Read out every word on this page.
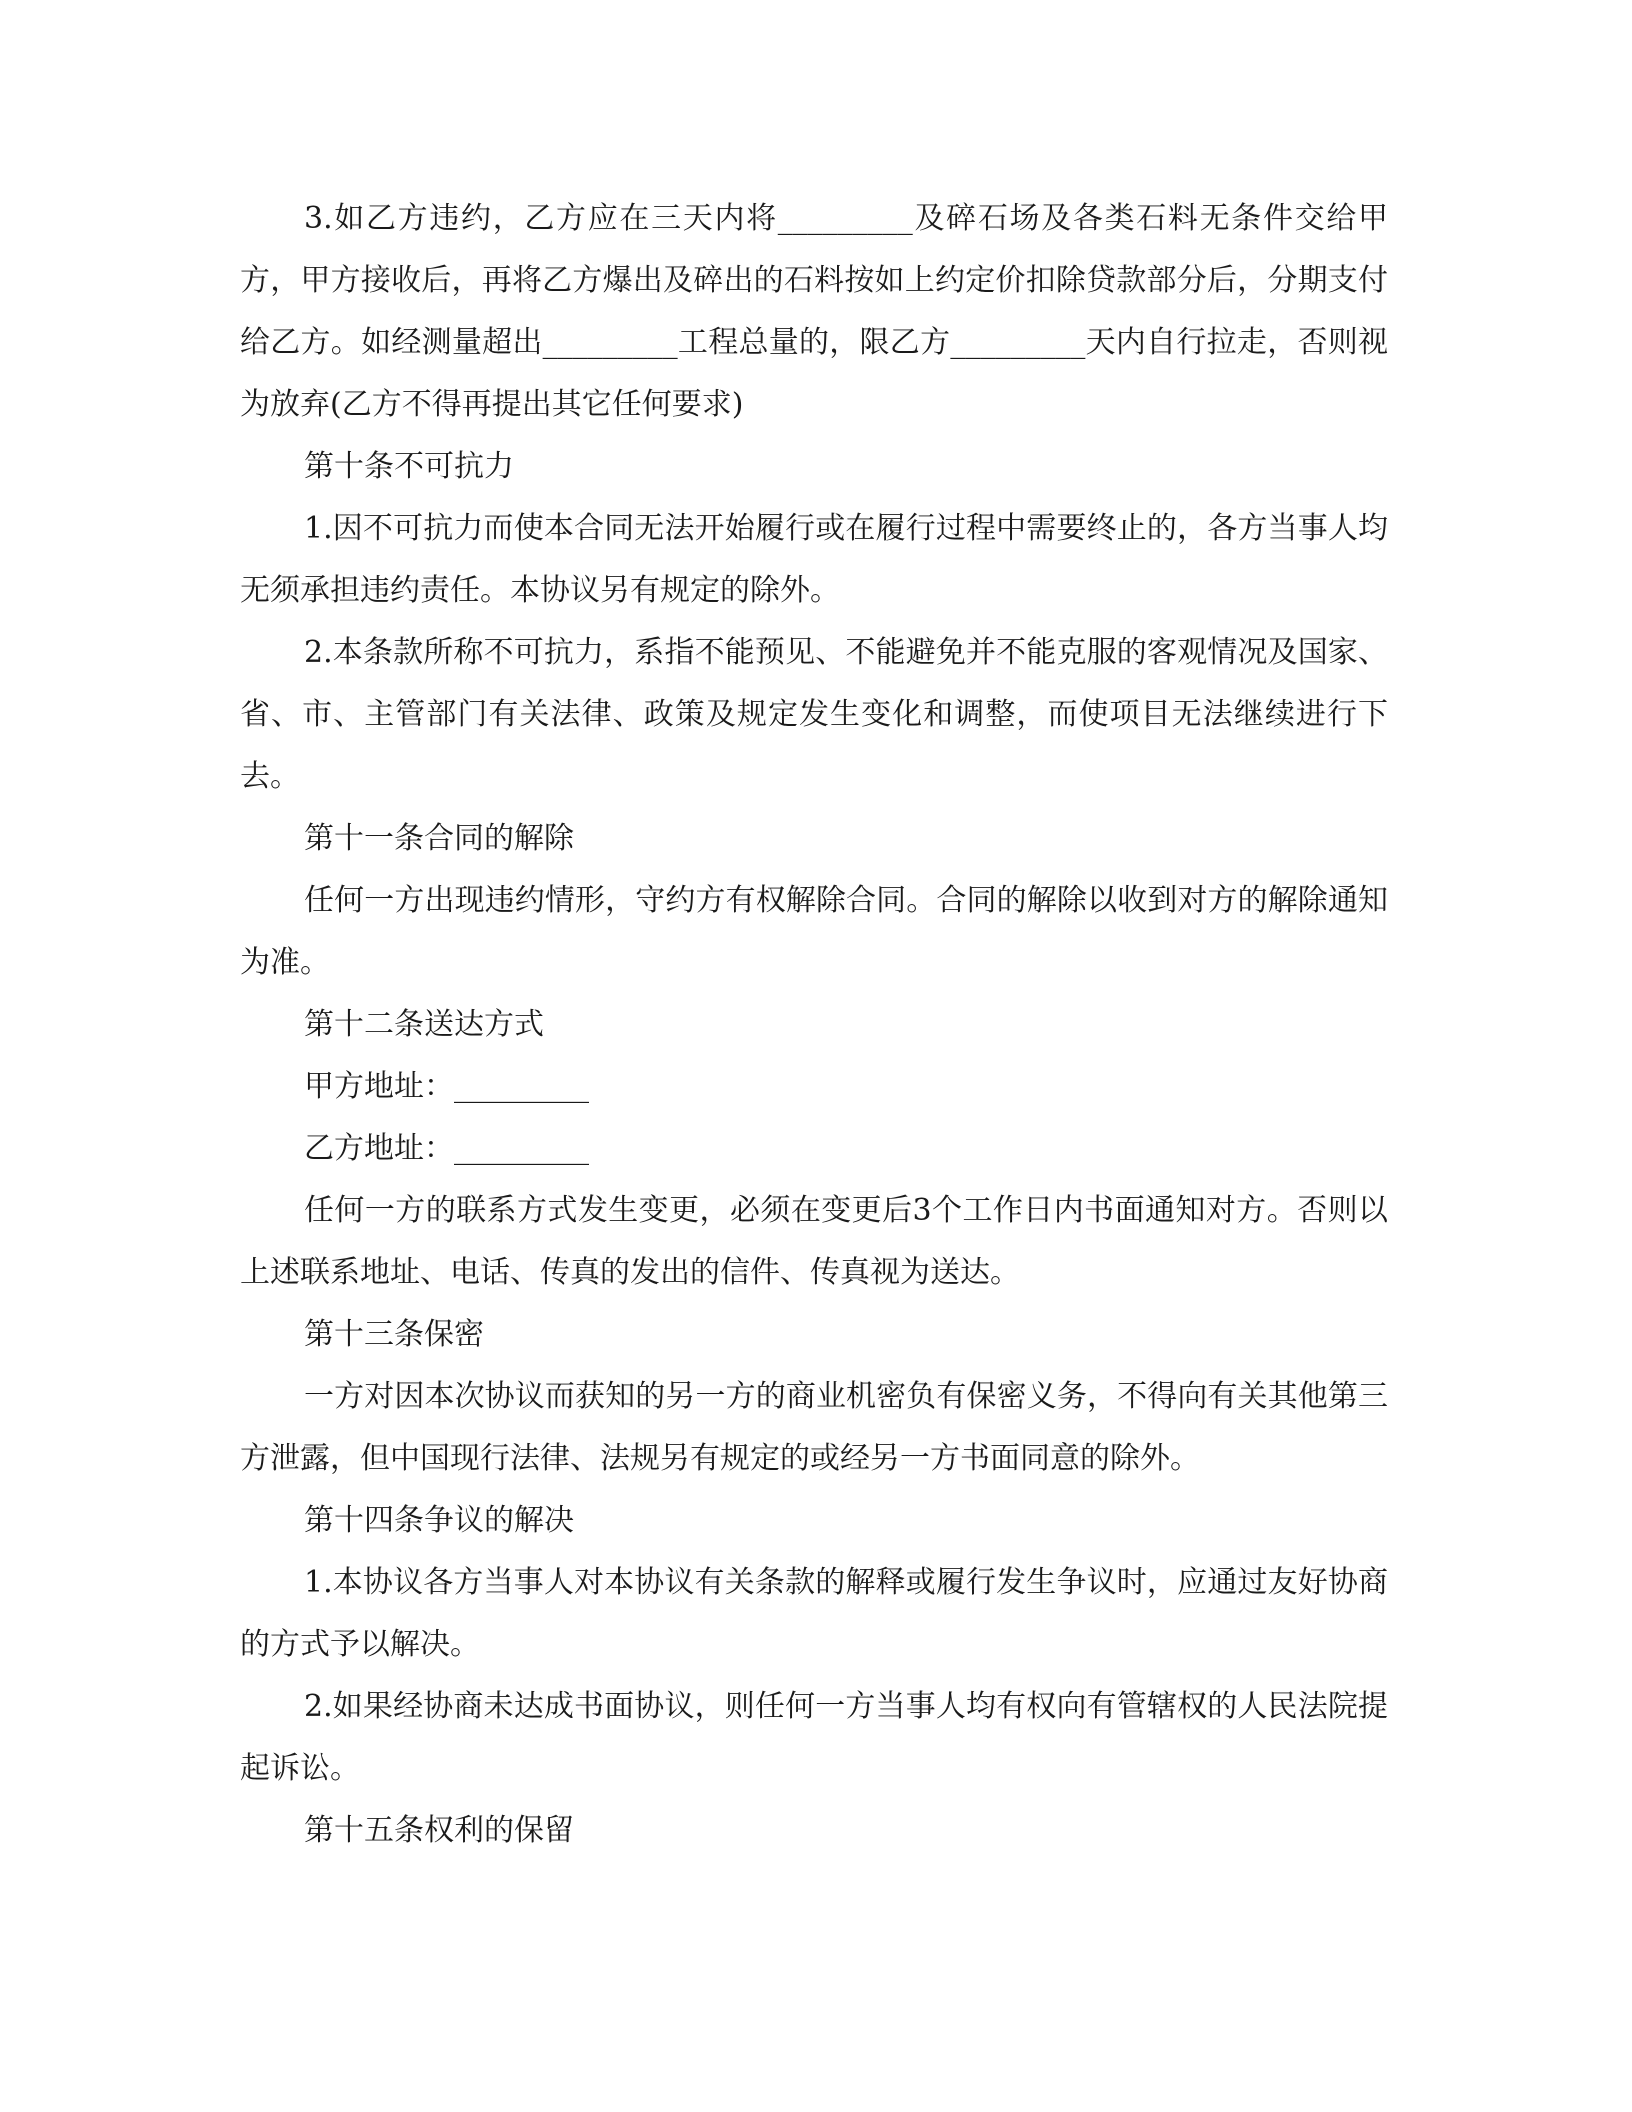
3.如乙方违约，乙方应在三天内将_________及碎石场及各类石料无条件交给甲方，甲方接收后，再将乙方爆出及碎出的石料按如上约定价扣除贷款部分后，分期支付给乙方。如经测量超出_________工程总量的，限乙方_________天内自行拉走，否则视为放弃(乙方不得再提出其它任何要求)

第十条不可抗力

1.因不可抗力而使本合同无法开始履行或在履行过程中需要终止的，各方当事人均无须承担违约责任。本协议另有规定的除外。

2.本条款所称不可抗力，系指不能预见、不能避免并不能克服的客观情况及国家、省、市、主管部门有关法律、政策及规定发生变化和调整，而使项目无法继续进行下去。

第十一条合同的解除

任何一方出现违约情形，守约方有权解除合同。合同的解除以收到对方的解除通知为准。

第十二条送达方式

甲方地址：_________

乙方地址：_________

任何一方的联系方式发生变更，必须在变更后3个工作日内书面通知对方。否则以上述联系地址、电话、传真的发出的信件、传真视为送达。

第十三条保密

一方对因本次协议而获知的另一方的商业机密负有保密义务，不得向有关其他第三方泄露，但中国现行法律、法规另有规定的或经另一方书面同意的除外。

第十四条争议的解决

1.本协议各方当事人对本协议有关条款的解释或履行发生争议时，应通过友好协商的方式予以解决。

2.如果经协商未达成书面协议，则任何一方当事人均有权向有管辖权的人民法院提起诉讼。

第十五条权利的保留
